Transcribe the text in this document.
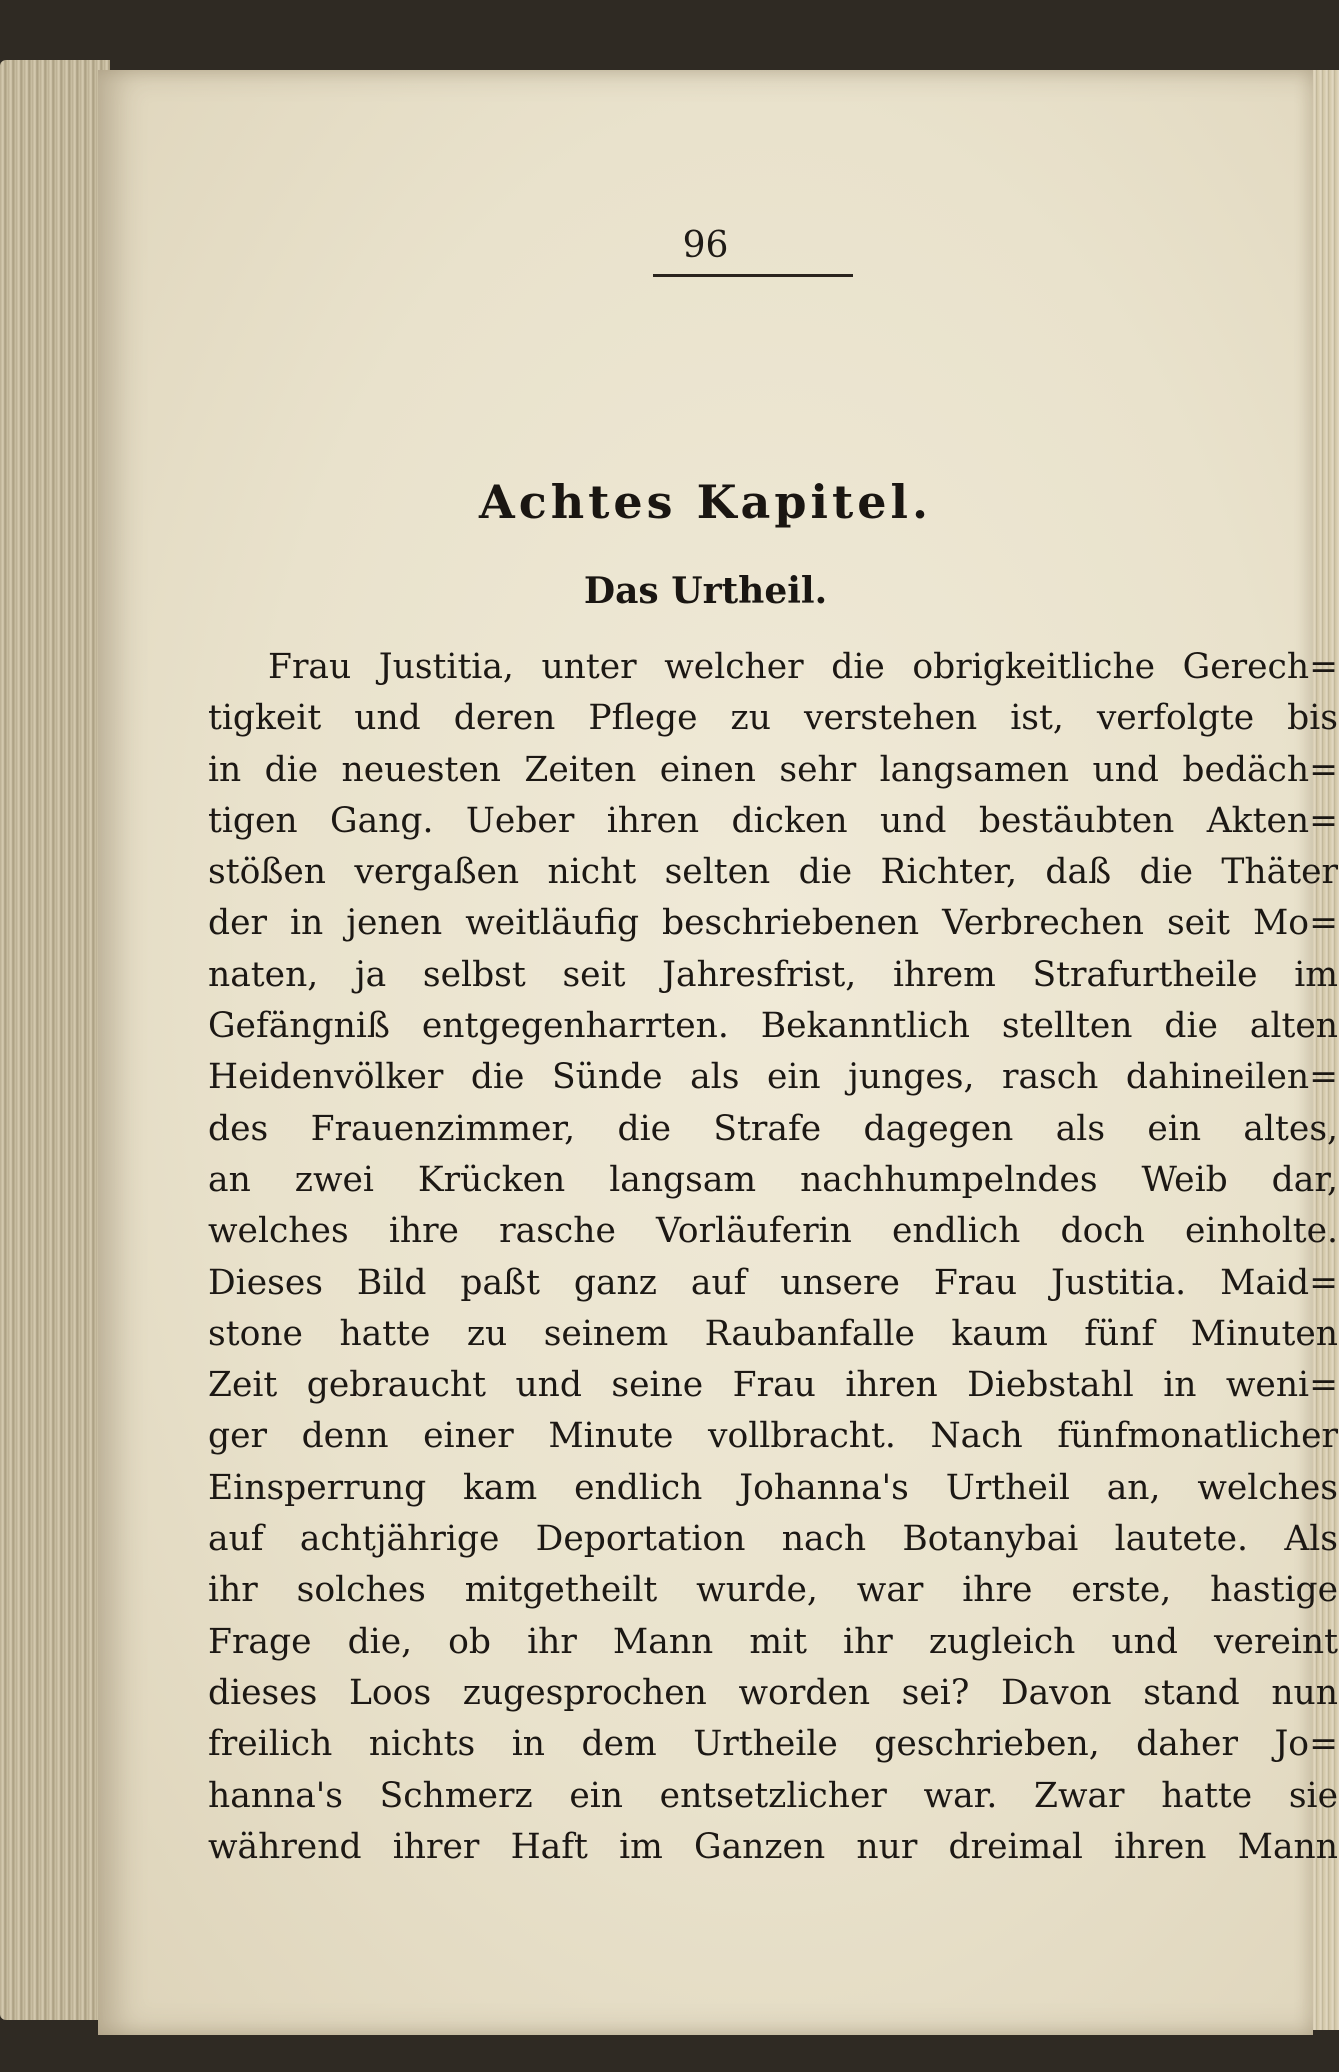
96
Achtes Kapitel.
Das Urtheil.
Frau Justitia, unter welcher die obrigkeitliche Gerech=
tigkeit und deren Pflege zu verstehen ist, verfolgte bis
in die neuesten Zeiten einen sehr langsamen und bedäch=
tigen Gang. Ueber ihren dicken und bestäubten Akten=
stößen vergaßen nicht selten die Richter, daß die Thäter
der in jenen weitläufig beschriebenen Verbrechen seit Mo=
naten, ja selbst seit Jahresfrist, ihrem Strafurtheile im
Gefängniß entgegenharrten. Bekanntlich stellten die alten
Heidenvölker die Sünde als ein junges, rasch dahineilen=
des Frauenzimmer, die Strafe dagegen als ein altes,
an zwei Krücken langsam nachhumpelndes Weib dar,
welches ihre rasche Vorläuferin endlich doch einholte.
Dieses Bild paßt ganz auf unsere Frau Justitia. Maid=
stone hatte zu seinem Raubanfalle kaum fünf Minuten
Zeit gebraucht und seine Frau ihren Diebstahl in weni=
ger denn einer Minute vollbracht. Nach fünfmonatlicher
Einsperrung kam endlich Johanna's Urtheil an, welches
auf achtjährige Deportation nach Botanybai lautete. Als
ihr solches mitgetheilt wurde, war ihre erste, hastige
Frage die, ob ihr Mann mit ihr zugleich und vereint
dieses Loos zugesprochen worden sei? Davon stand nun
freilich nichts in dem Urtheile geschrieben, daher Jo=
hanna's Schmerz ein entsetzlicher war. Zwar hatte sie
während ihrer Haft im Ganzen nur dreimal ihren Mann
